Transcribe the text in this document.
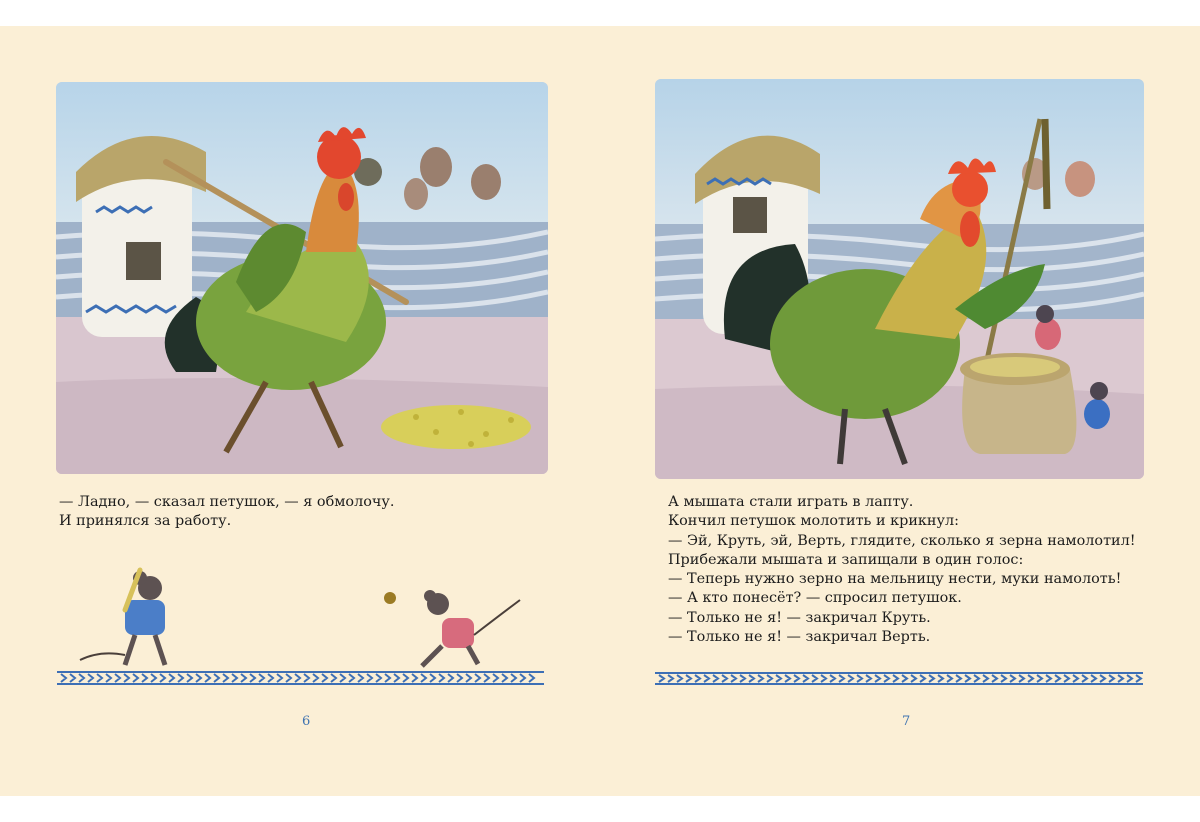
— Ладно, — сказал петушок, — я обмолочу.

И принялся за работу.

А мышата стали играть в лапту.

Кончил петушок молотить и крикнул:

— Эй, Круть, эй, Верть, глядите, сколько я зерна намолотил!

Прибежали мышата и запищали в один голос:

— Теперь нужно зерно на мельницу нести, муки намолоть!

— А кто понесёт? — спросил петушок.

— Только не я! — закричал Круть.

— Только не я! — закричал Верть.

6	7
